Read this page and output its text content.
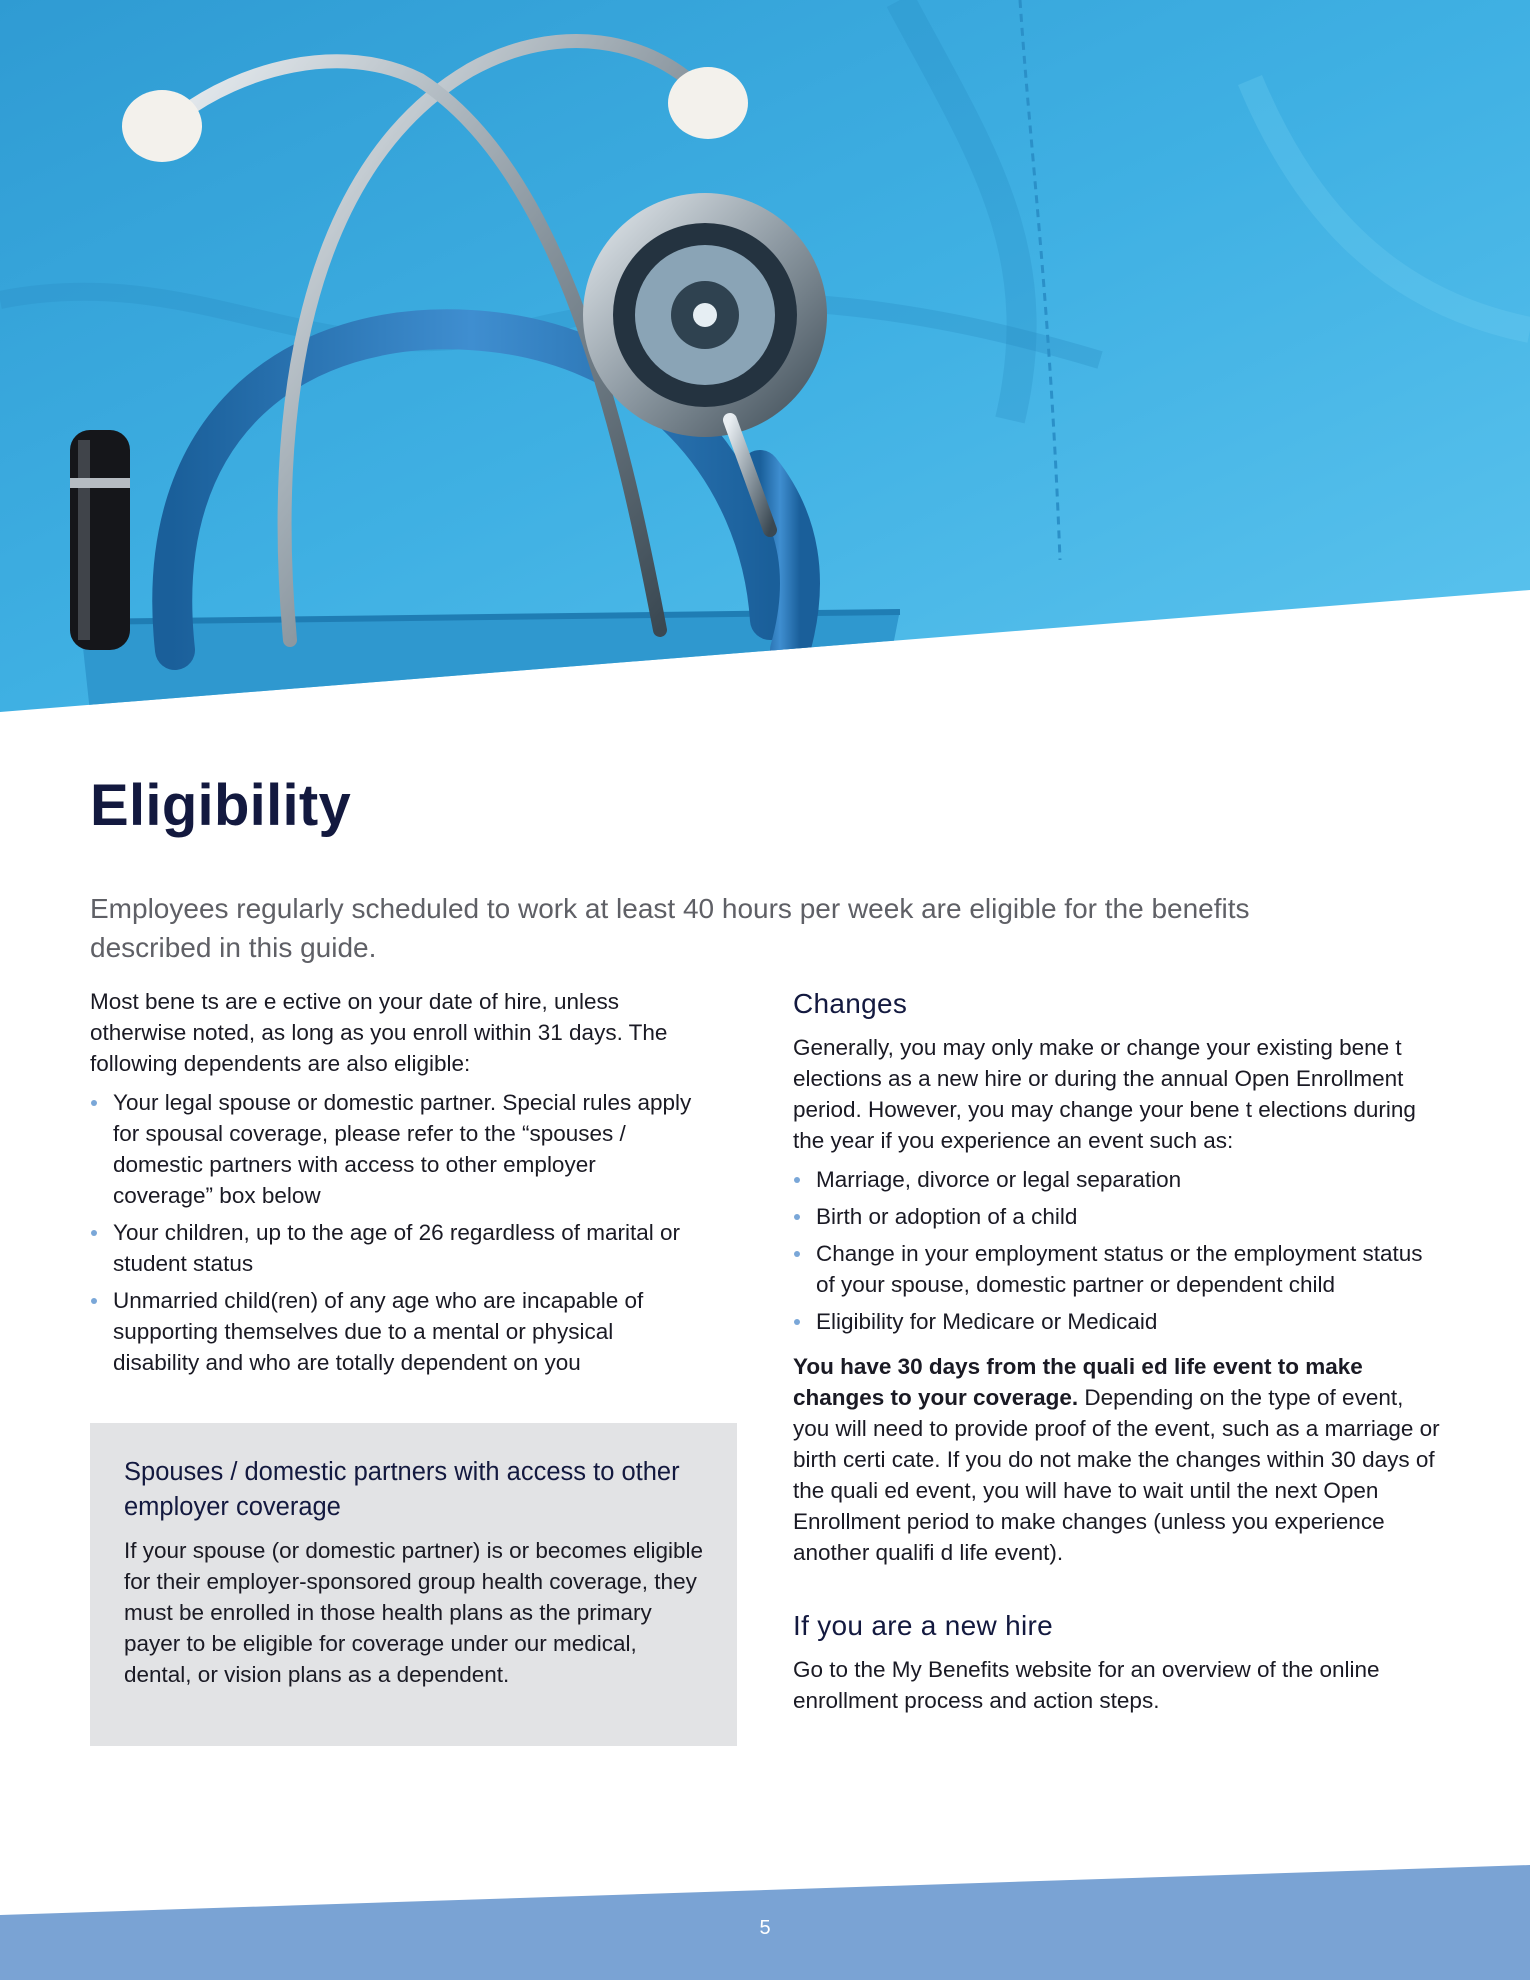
Eligibility

Employees regularly scheduled to work at least 40 hours per week are eligible for the benefits described in this guide.

Most bene ts are e ective on your date of hire, unless otherwise noted, as long as you enroll within 31 days. The following dependents are also eligible:

Your legal spouse or domestic partner. Special rules apply for spousal coverage, please refer to the “spouses / domestic partners with access to other employer coverage” box below
Your children, up to the age of 26 regardless of marital or student status
Unmarried child(ren) of any age who are incapable of supporting themselves due to a mental or physical disability and who are totally dependent on you
Spouses / domestic partners with access to other employer coverage

If your spouse (or domestic partner) is or becomes eligible for their employer-sponsored group health coverage, they must be enrolled in those health plans as the primary payer to be eligible for coverage under our medical, dental, or vision plans as a dependent.

Changes

Generally, you may only make or change your existing bene t elections as a new hire or during the annual Open Enrollment period. However, you may change your bene t elections during the year if you experience an event such as:

Marriage, divorce or legal separation
Birth or adoption of a child
Change in your employment status or the employment status of your spouse, domestic partner or dependent child
Eligibility for Medicare or Medicaid

You have 30 days from the quali ed life event to make changes to your coverage. Depending on the type of event, you will need to provide proof of the event, such as a marriage or birth certi cate. If you do not make the changes within 30 days of the quali ed event, you will have to wait until the next Open Enrollment period to make changes (unless you experience another qualifi d life event).

If you are a new hire

Go to the My Benefits website for an overview of the online enrollment process and action steps.

5
